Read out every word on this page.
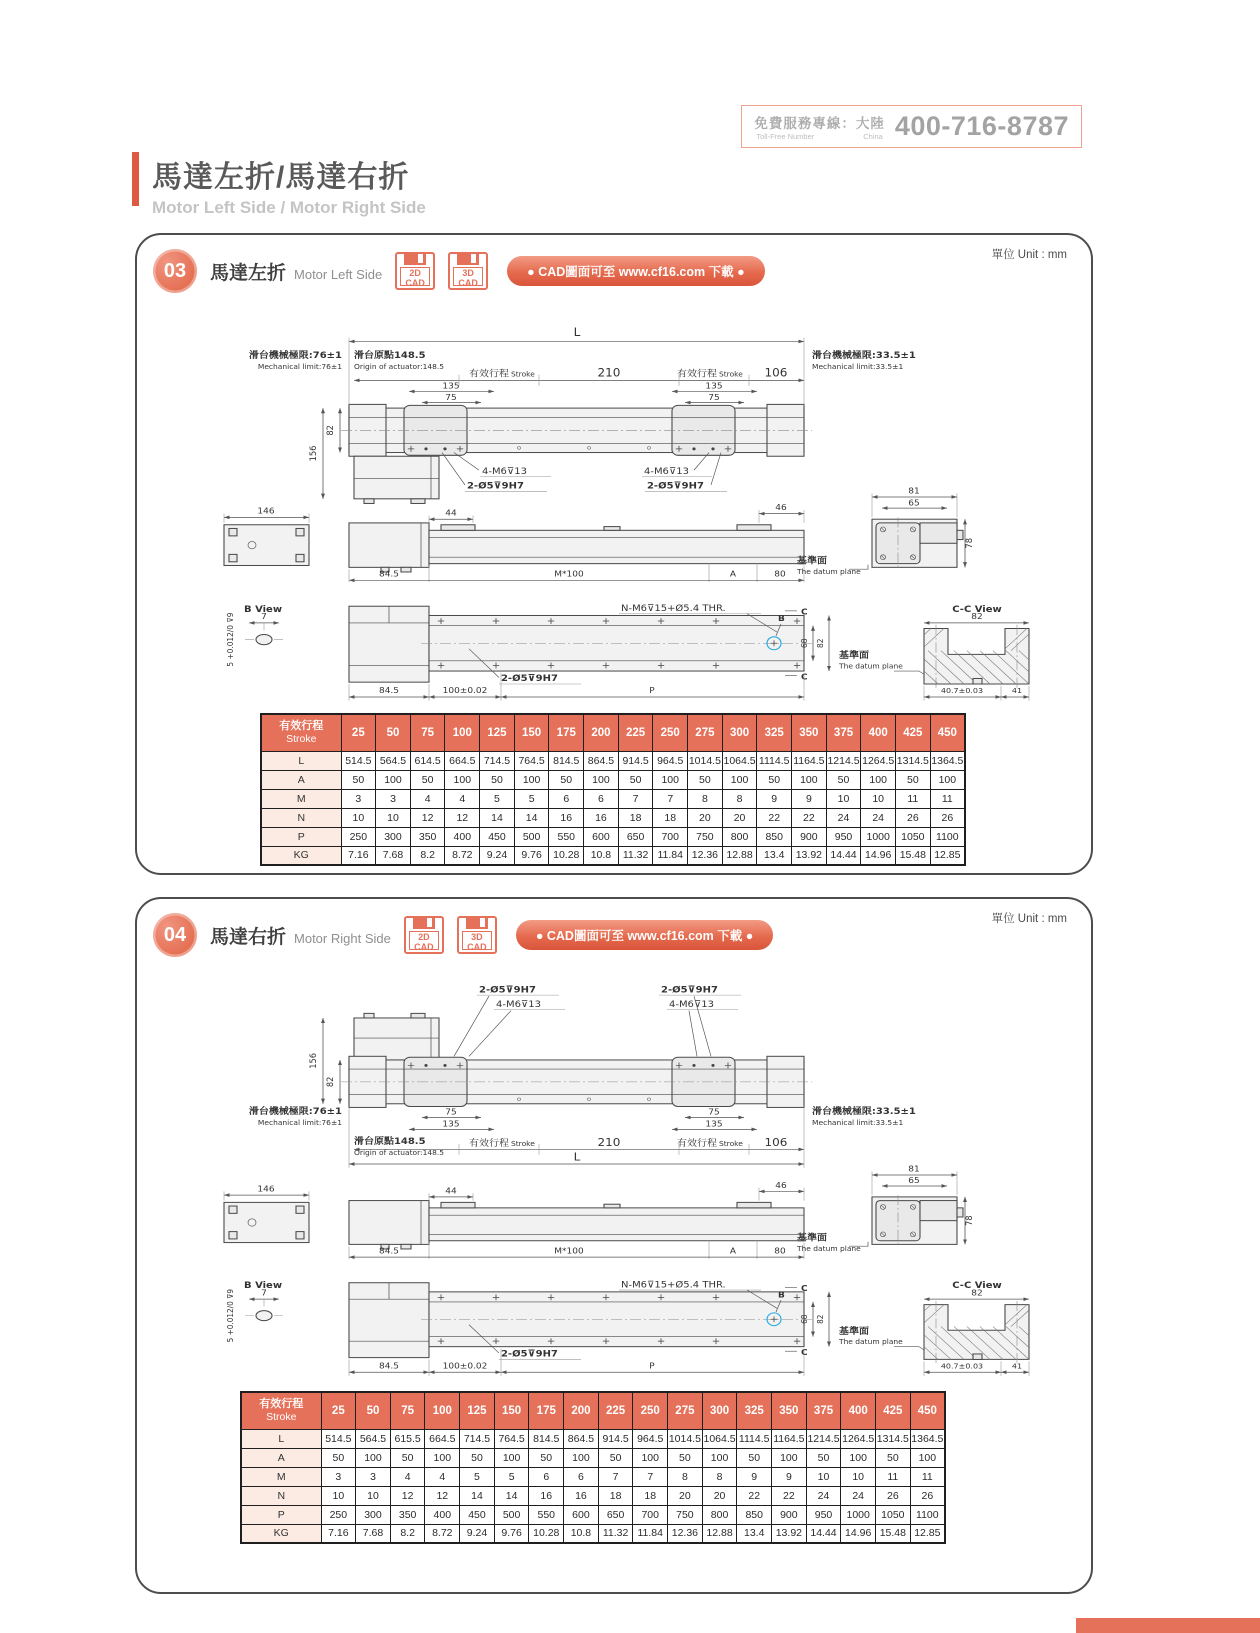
免費服務專線：大陸
Toll-Free Number	China 400-716-8787
馬達左折/馬達右折
Motor Left Side / Motor Right Side
單位 Unit : mm
03	馬達左折 Motor Left Side	2D
CAD
3D
CAD
● CAD圖面可至 www.cf16.com 下載 ●
L
滑台機械極限:76±1
Mechanical limit:76±1
滑台原點148.5
Origin of actuator:148.5
有效行程 Stroke	210	有效行程 Stroke 106
135
75
135
75
滑台機械極限:33.5±1
Mechanical limit:33.5±1
82
156
4-M6⊽13
2-Ø5⊽9H7
4-M6⊽13
2-Ø5⊽9H7
146	44
46
84.5	M*100	A	80
81
65
78
基準面
The datum plane
B View
7
5 +0.012/0 ⊽9
N-M6⊽15+Ø5.4 THR.
B
C
C
2-Ø5⊽9H7
68 82
基準面
The datum plane
84.5	100±0.02	P
C-C View
82
40.7±0.03	41
有效行程
Stroke	25	50	75	100	125	150	175	200	225	250	275	300	325	350	375	400	425	450
L	514.5	564.5	614.5	664.5	714.5	764.5	814.5	864.5	914.5	964.5	1014.5	1064.5	1114.5	1164.5	1214.5	1264.5	1314.5	1364.5
A	50	100	50	100	50	100	50	100	50	100	50	100	50	100	50	100	50	100
M	3	3	4	4	5	5	6	6	7	7	8	8	9	9	10	10	11	11
N	10	10	12	12	14	14	16	16	18	18	20	20	22	22	24	24	26	26
P	250	300	350	400	450	500	550	600	650	700	750	800	850	900	950	1000	1050	1100
KG	7.16	7.68	8.2	8.72	9.24	9.76	10.28	10.8	11.32	11.84	12.36	12.88	13.4	13.92	14.44	14.96	15.48	12.85
單位 Unit : mm
04	馬達右折 Motor Right Side	2D
CAD
3D
CAD
● CAD圖面可至 www.cf16.com 下載 ●
2-Ø5⊽9H7
4-M6⊽13
2-Ø5⊽9H7
4-M6⊽13
156
82
滑台機械極限:76±1
Mechanical limit:76±1
滑台機械極限:33.5±1
Mechanical limit:33.5±1
75
135
75
135
滑台原點148.5
Origin of actuator:148.5
有效行程 Stroke	210	有效行程 Stroke 106
L
146	44
46
84.5	M*100	A	80
81
65
78
基準面
The datum plane
B View
7
5 +0.012/0 ⊽9
N-M6⊽15+Ø5.4 THR.
B
C
C
2-Ø5⊽9H7
68 82
基準面
The datum plane
84.5	100±0.02	P
C-C View
82
40.7±0.03	41
有效行程
Stroke	25	50	75	100	125	150	175	200	225	250	275	300	325	350	375	400	425	450
L	514.5	564.5	615.5	664.5	714.5	764.5	814.5	864.5	914.5	964.5	1014.5	1064.5	1114.5	1164.5	1214.5	1264.5	1314.5	1364.5
A	50	100	50	100	50	100	50	100	50	100	50	100	50	100	50	100	50	100
M	3	3	4	4	5	5	6	6	7	7	8	8	9	9	10	10	11	11
N	10	10	12	12	14	14	16	16	18	18	20	20	22	22	24	24	26	26
P	250	300	350	400	450	500	550	600	650	700	750	800	850	900	950	1000	1050	1100
KG	7.16	7.68	8.2	8.72	9.24	9.76	10.28	10.8	11.32	11.84	12.36	12.88	13.4	13.92	14.44	14.96	15.48	12.85
